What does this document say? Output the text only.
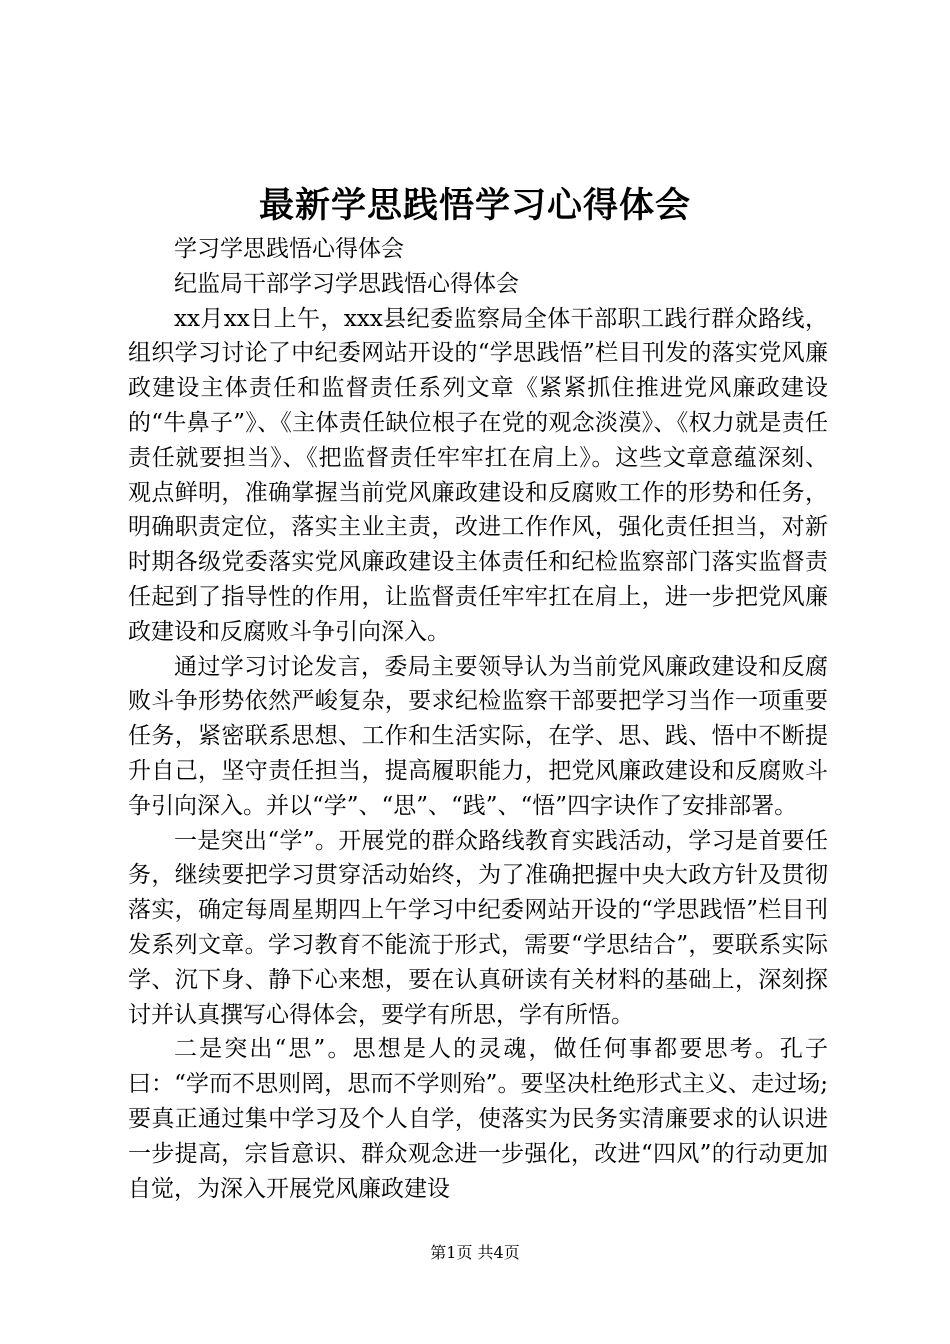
最新学思践悟学习心得体会

学习学思践悟心得体会

纪监局干部学习学思践悟心得体会

xx月xx日上午，xxx县纪委监察局全体干部职工践行群众路线，组织学习讨论了中纪委网站开设的“学思践悟”栏目刊发的落实党风廉政建设主体责任和监督责任系列文章《紧紧抓住推进党风廉政建设的“牛鼻子”》、《主体责任缺位根子在党的观念淡漠》、《权力就是责任责任就要担当》、《把监督责任牢牢扛在肩上》。这些文章意蕴深刻、观点鲜明，准确掌握当前党风廉政建设和反腐败工作的形势和任务，明确职责定位，落实主业主责，改进工作作风，强化责任担当，对新时期各级党委落实党风廉政建设主体责任和纪检监察部门落实监督责任起到了指导性的作用，让监督责任牢牢扛在肩上，进一步把党风廉政建设和反腐败斗争引向深入。

通过学习讨论发言，委局主要领导认为当前党风廉政建设和反腐败斗争形势依然严峻复杂，要求纪检监察干部要把学习当作一项重要任务，紧密联系思想、工作和生活实际，在学、思、践、悟中不断提升自己，坚守责任担当，提高履职能力，把党风廉政建设和反腐败斗争引向深入。并以“学”、“思”、“践”、“悟”四字诀作了安排部署。

一是突出“学”。开展党的群众路线教育实践活动，学习是首要任务，继续要把学习贯穿活动始终，为了准确把握中央大政方针及贯彻落实，确定每周星期四上午学习中纪委网站开设的“学思践悟”栏目刊发系列文章。学习教育不能流于形式，需要“学思结合”，要联系实际学、沉下身、静下心来想，要在认真研读有关材料的基础上，深刻探讨并认真撰写心得体会，要学有所思，学有所悟。

二是突出“思”。思想是人的灵魂，做任何事都要思考。孔子曰：“学而不思则罔，思而不学则殆”。要坚决杜绝形式主义、走过场;要真正通过集中学习及个人自学，使落实为民务实清廉要求的认识进一步提高，宗旨意识、群众观念进一步强化，改进“四风”的行动更加自觉，为深入开展党风廉政建设

第1页 共4页
